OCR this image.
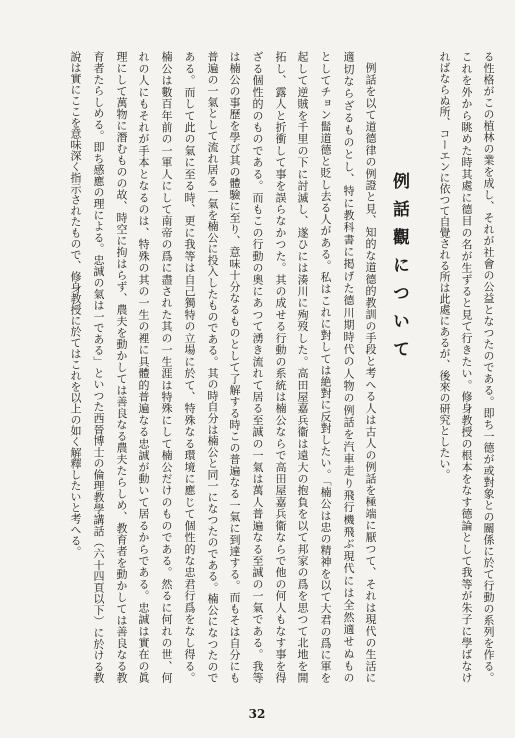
る性格がこの植林の業を成し、それが社會の公益となつたのである。即ち一德が或對象との關係に於て行動の系列を作る。
これを外から眺めた時其處に德目の名が生ずると見て行きたい。修身教授の根本をなす德論として我等が朱子に學ばなけ
ればならぬ所、コーエンに依つて自覺される所は此處にあるが、後來の研究としたい。
例話觀について
例話を以て道德律の例證と見、知的な道德的教訓の手段と考へる人は古人の例話を極端に厭つて、それは現代の生活に
適切ならざるものとし、特に教科書に掲げた德川期時代の人物の例話を汽車走り飛行機飛ぶ現代には全然適せぬもの
としてチョン髷道德と貶し去る人がある。私はこれに對しては絶對に反對したい。「楠公は忠の精神を以て大君の爲に軍を
起して逆賊を千里の下に討滅し、遂ひには湊川に殉歿した。高田屋嘉兵衞は遠大の抱負を以て邦家の爲を思つて北地を開
拓し、露人と折衝して事を誤らなかつた。其の成せる行動の系統は楠公ならで高田屋嘉兵衞ならで他の何人もなす事を得
ざる個性的のものである。而もこの行動の奧にあつて湧き流れて居る至誠の一氣は萬人普遍なる至誠の一氣である。我等
は楠公の事歷を學び其の體驗に至り、意味十分なるものとして了解する時この普遍なる一氣に到達する。而もそは自分にも
普遍の一氣として流れ居る一氣を楠公に投入したものである。其の時自分は楠公と同一になつたのである。楠公になつたので
ある。而して此の氣に至る時、更に我等は自己獨特の立場に於て、特殊なる環境に應じて個性的な忠君行爲をなし得る。
楠公は數百年前の一軍人にして南帝の爲に盡された其の一生涯は特殊にして楠公だけのものである。然るに何れの世、何
れの人にもそれが手本となるのは、特殊の其の一生の裡に具體的普遍なる忠誠が動いて居るからである。忠誠は實在の眞
理にして萬物に潛むものの故、時空に拘はらず、農夫を動かしては善良なる農夫たらしめ、教育者を動かしては善良なる教
育者たらしめる。即ち感應の理による。忠誠の氣は一である」といつた西晉博士の倫理教學講話（六十四頁以下）に於ける教
說は實にここを意味深く指示されたもので、修身教授に於てはこれを以上の如く解釋したいと考へる。
32
